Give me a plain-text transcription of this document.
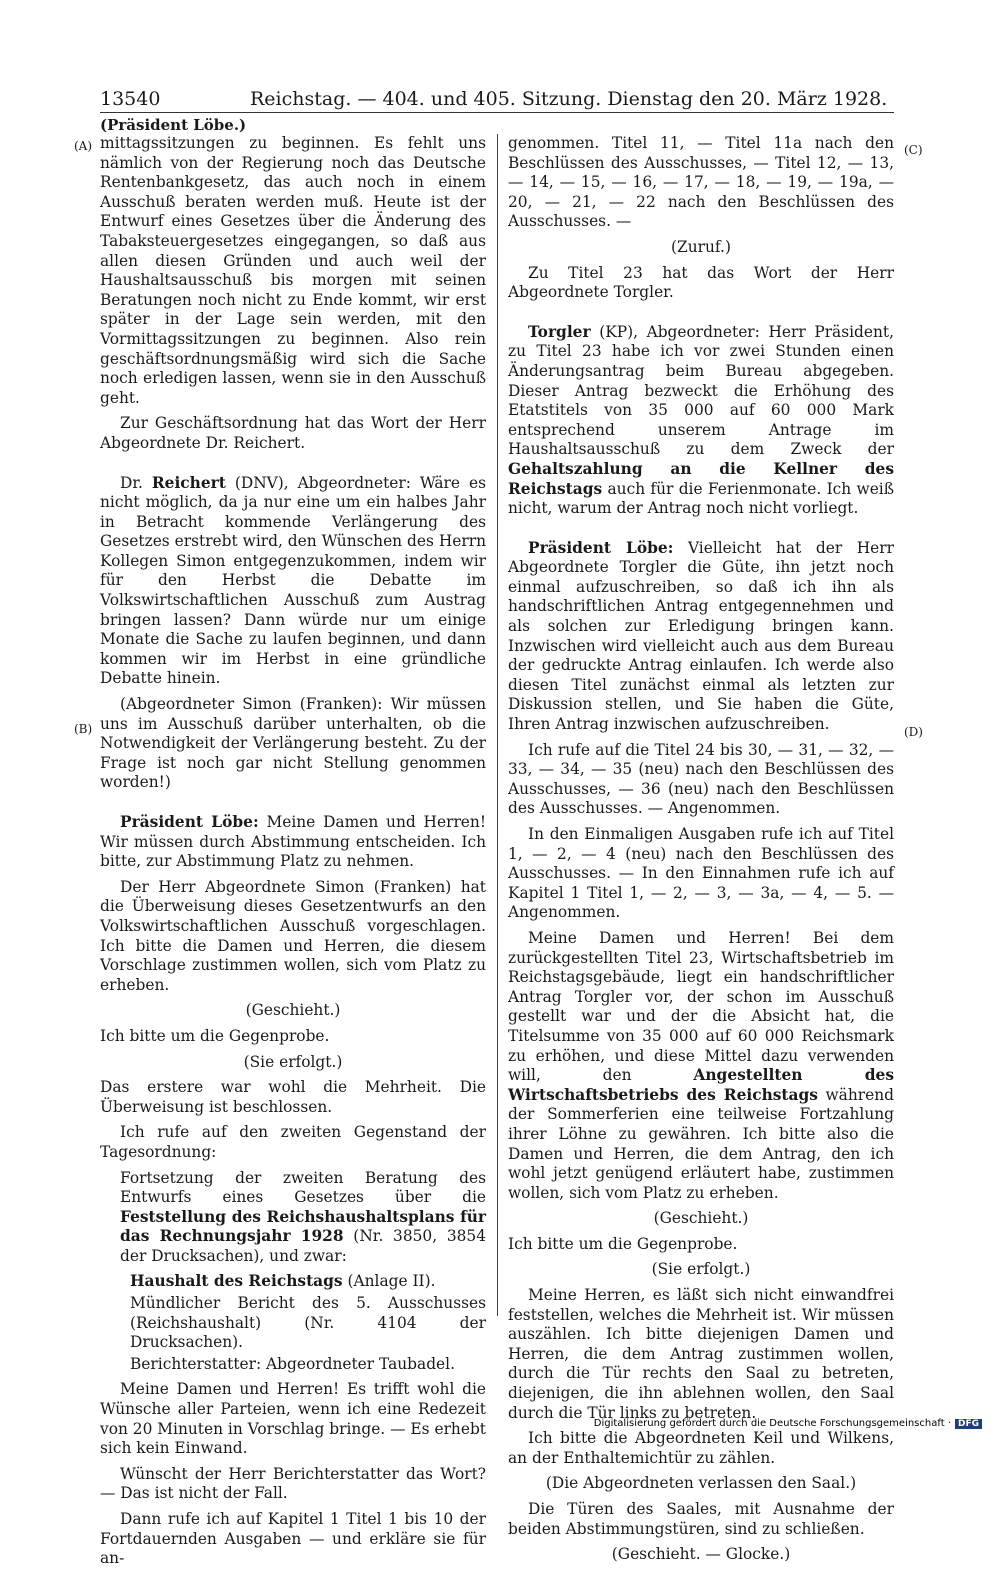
13540	Reichstag. — 404. und 405. Sitzung. Dienstag den 20. März 1928.
(Präsident Löbe.)
(A)
(B)
(C)
(D)

mittagssitzungen zu beginnen. Es fehlt uns nämlich von der Regierung noch das Deutsche Rentenbankgesetz, das auch noch in einem Ausschuß beraten werden muß. Heute ist der Entwurf eines Gesetzes über die Änderung des Tabaksteuergesetzes eingegangen, so daß aus allen diesen Gründen und auch weil der Haushaltsausschuß bis morgen mit seinen Beratungen noch nicht zu Ende kommt, wir erst später in der Lage sein werden, mit den Vormittagssitzungen zu beginnen. Also rein geschäftsordnungsmäßig wird sich die Sache noch erledigen lassen, wenn sie in den Ausschuß geht.

Zur Geschäftsordnung hat das Wort der Herr Abgeordnete Dr. Reichert.

Dr. Reichert (DNV), Abgeordneter: Wäre es nicht möglich, da ja nur eine um ein halbes Jahr in Betracht kommende Verlängerung des Gesetzes erstrebt wird, den Wünschen des Herrn Kollegen Simon entgegenzukommen, indem wir für den Herbst die Debatte im Volkswirtschaftlichen Ausschuß zum Austrag bringen lassen? Dann würde nur um einige Monate die Sache zu laufen beginnen, und dann kommen wir im Herbst in eine gründliche Debatte hinein.

(Abgeordneter Simon (Franken): Wir müssen uns im Ausschuß darüber unterhalten, ob die Notwendigkeit der Verlängerung besteht. Zu der Frage ist noch gar nicht Stellung genommen worden!)

Präsident Löbe: Meine Damen und Herren! Wir müssen durch Abstimmung entscheiden. Ich bitte, zur Abstimmung Platz zu nehmen.

Der Herr Abgeordnete Simon (Franken) hat die Überweisung dieses Gesetzentwurfs an den Volkswirtschaftlichen Ausschuß vorgeschlagen. Ich bitte die Damen und Herren, die diesem Vorschlage zustimmen wollen, sich vom Platz zu erheben.

(Geschieht.)

Ich bitte um die Gegenprobe.

(Sie erfolgt.)

Das erstere war wohl die Mehrheit. Die Überweisung ist beschlossen.

Ich rufe auf den zweiten Gegenstand der Tagesordnung:

Fortsetzung der zweiten Beratung des Entwurfs eines Gesetzes über die Feststellung des Reichshaushaltsplans für das Rechnungsjahr 1928 (Nr. 3850, 3854 der Drucksachen), und zwar:

Haushalt des Reichstags (Anlage II).

Mündlicher Bericht des 5. Ausschusses (Reichshaushalt) (Nr. 4104 der Drucksachen).

Berichterstatter: Abgeordneter Taubadel.

Meine Damen und Herren! Es trifft wohl die Wünsche aller Parteien, wenn ich eine Redezeit von 20 Minuten in Vorschlag bringe. — Es erhebt sich kein Einwand.

Wünscht der Herr Berichterstatter das Wort? — Das ist nicht der Fall.

Dann rufe ich auf Kapitel 1 Titel 1 bis 10 der Fortdauernden Ausgaben — und erkläre sie für an-

genommen. Titel 11, — Titel 11a nach den Beschlüssen des Ausschusses, — Titel 12, — 13, — 14, — 15, — 16, — 17, — 18, — 19, — 19a, — 20, — 21, — 22 nach den Beschlüssen des Ausschusses. —

(Zuruf.)

Zu Titel 23 hat das Wort der Herr Abgeordnete Torgler.

Torgler (KP), Abgeordneter: Herr Präsident, zu Titel 23 habe ich vor zwei Stunden einen Änderungsantrag beim Bureau abgegeben. Dieser Antrag bezweckt die Erhöhung des Etatstitels von 35 000 auf 60 000 Mark entsprechend unserem Antrage im Haushaltsausschuß zu dem Zweck der Gehaltszahlung an die Kellner des Reichstags auch für die Ferienmonate. Ich weiß nicht, warum der Antrag noch nicht vorliegt.

Präsident Löbe: Vielleicht hat der Herr Abgeordnete Torgler die Güte, ihn jetzt noch einmal aufzuschreiben, so daß ich ihn als handschriftlichen Antrag entgegennehmen und als solchen zur Erledigung bringen kann. Inzwischen wird vielleicht auch aus dem Bureau der gedruckte Antrag einlaufen. Ich werde also diesen Titel zunächst einmal als letzten zur Diskussion stellen, und Sie haben die Güte, Ihren Antrag inzwischen aufzuschreiben.

Ich rufe auf die Titel 24 bis 30, — 31, — 32, — 33, — 34, — 35 (neu) nach den Beschlüssen des Ausschusses, — 36 (neu) nach den Beschlüssen des Ausschusses. — Angenommen.

In den Einmaligen Ausgaben rufe ich auf Titel 1, — 2, — 4 (neu) nach den Beschlüssen des Ausschusses. — In den Einnahmen rufe ich auf Kapitel 1 Titel 1, — 2, — 3, — 3a, — 4, — 5. — Angenommen.

Meine Damen und Herren! Bei dem zurückgestellten Titel 23, Wirtschaftsbetrieb im Reichstagsgebäude, liegt ein handschriftlicher Antrag Torgler vor, der schon im Ausschuß gestellt war und der die Absicht hat, die Titelsumme von 35 000 auf 60 000 Reichsmark zu erhöhen, und diese Mittel dazu verwenden will, den Angestellten des Wirtschaftsbetriebs des Reichstags während der Sommerferien eine teilweise Fortzahlung ihrer Löhne zu gewähren. Ich bitte also die Damen und Herren, die dem Antrag, den ich wohl jetzt genügend erläutert habe, zustimmen wollen, sich vom Platz zu erheben.

(Geschieht.)

Ich bitte um die Gegenprobe.

(Sie erfolgt.)

Meine Herren, es läßt sich nicht einwandfrei feststellen, welches die Mehrheit ist. Wir müssen auszählen. Ich bitte diejenigen Damen und Herren, die dem Antrag zustimmen wollen, durch die Tür rechts den Saal zu betreten, diejenigen, die ihn ablehnen wollen, den Saal durch die Tür links zu betreten.

Ich bitte die Abgeordneten Keil und Wilkens, an der Enthaltemichtür zu zählen.

(Die Abgeordneten verlassen den Saal.)

Die Türen des Saales, mit Ausnahme der beiden Abstimmungstüren, sind zu schließen.

(Geschieht. — Glocke.)

Digitalisierung gefördert durch die Deutsche Forschungsgemeinschaft · DFG
